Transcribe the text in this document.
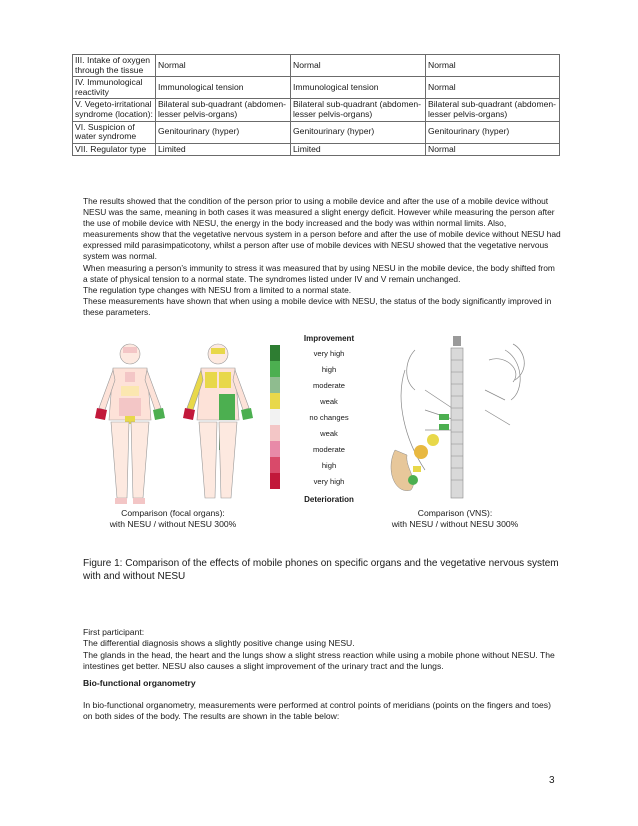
III. Intake of oxygen through the tissue	Normal	Normal	Normal
IV. Immunological reactivity	Immunological tension	Immunological tension	Normal
V. Vegeto-irritational syndrome (location):	Bilateral sub-quadrant (abdomen-lesser pelvis-organs)	Bilateral sub-quadrant (abdomen-lesser pelvis-organs)	Bilateral sub-quadrant (abdomen-lesser pelvis-organs)
VI. Suspicion of water syndrome	Genitourinary (hyper)	Genitourinary (hyper)	Genitourinary (hyper)
VII. Regulator type	Limited	Limited	Normal

The results showed that the condition of the person prior to using a mobile device and after the use of a mobile device without NESU was the same, meaning in both cases it was measured a slight energy deficit. However while measuring the person after the use of mobile device with NESU, the energy in the body increased and the body was within normal limits. Also, measurements show that the vegetative nervous system in a person before and after the use of mobile device without NESU had expressed mild parasimpaticotony, whilst a person after use of mobile devices with NESU showed that the vegetative nervous system was normal.

When measuring a person’s immunity to stress it was measured that by using NESU in the mobile device, the body shifted from a state of physical tension to a normal state. The syndromes listed under IV and V remain unchanged.

The regulation type changes with NESU from a limited to a normal state.

These measurements have shown that when using a mobile device with NESU, the status of the body significantly improved in these parameters.

Comparison (focal organs):
with NESU / without NESU 300%
Improvement
very high
high
moderate
weak
no changes
weak
moderate
high
very high
Deterioration
Comparison (VNS):
with NESU / without NESU 300%
Figure 1: Comparison of the effects of mobile phones on specific organs and the vegetative nervous system with and without NESU

First participant:

The differential diagnosis shows a slightly positive change using NESU.

The glands in the head, the heart and the lungs show a slight stress reaction while using a mobile phone without NESU. The intestines get better. NESU also causes a slight improvement of the urinary tract and the lungs.

Bio-functional organometry
In bio-functional organometry, measurements were performed at control points of meridians (points on the fingers and toes) on both sides of the body. The results are shown in the table below:
3
